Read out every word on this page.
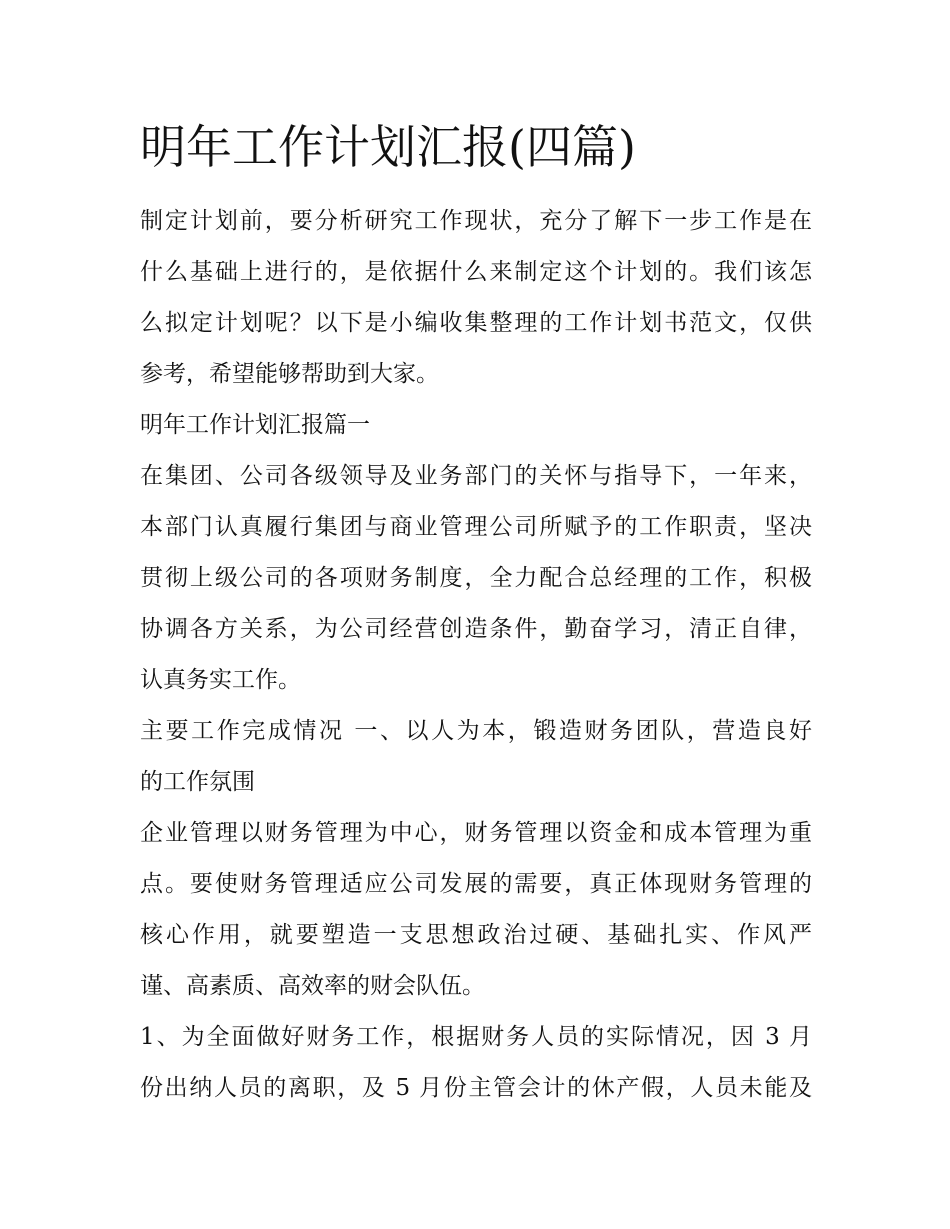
明年工作计划汇报(四篇)
制定计划前，要分析研究工作现状，充分了解下一步工作是在
什么基础上进行的，是依据什么来制定这个计划的。我们该怎
么拟定计划呢？以下是小编收集整理的工作计划书范文，仅供
参考，希望能够帮助到大家。
明年工作计划汇报篇一
在集团、公司各级领导及业务部门的关怀与指导下，一年来，
本部门认真履行集团与商业管理公司所赋予的工作职责，坚决
贯彻上级公司的各项财务制度，全力配合总经理的工作，积极
协调各方关系，为公司经营创造条件，勤奋学习，清正自律，
认真务实工作。
主要工作完成情况 一、以人为本，锻造财务团队，营造良好
的工作氛围
企业管理以财务管理为中心，财务管理以资金和成本管理为重
点。要使财务管理适应公司发展的需要，真正体现财务管理的
核心作用，就要塑造一支思想政治过硬、基础扎实、作风严
谨、高素质、高效率的财会队伍。
1、为全面做好财务工作，根据财务人员的实际情况，因 3 月
份出纳人员的离职，及 5 月份主管会计的休产假，人员未能及
